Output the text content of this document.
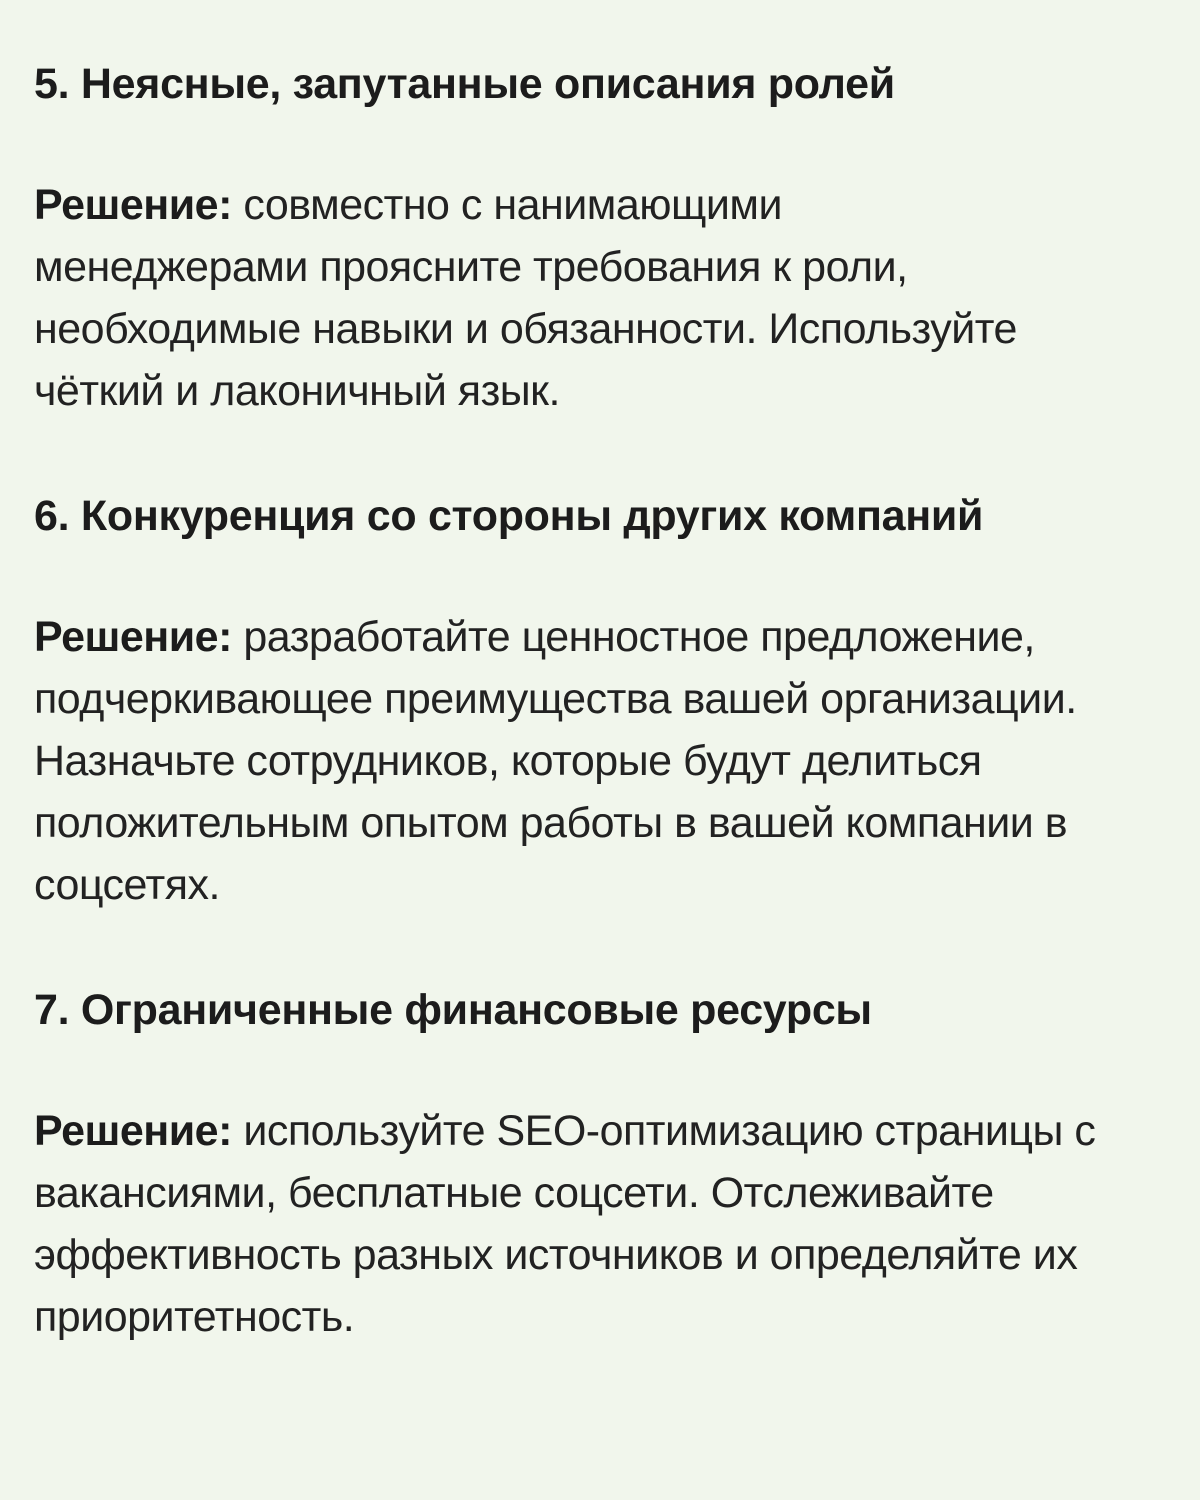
5. Неясные, запутанные описания ролей

Решение: совместно с нанимающими менеджерами проясните требования к роли, необходимые навыки и обязанности. Используйте чёткий и лаконичный язык.

6. Конкуренция со стороны других компаний

Решение: разработайте ценностное предложение, подчеркивающее преимущества вашей организации. Назначьте сотрудников, которые будут делиться положительным опытом работы в вашей компании в соцсетях.

7. Ограниченные финансовые ресурсы

Решение: используйте SEO-оптимизацию страницы с вакансиями, бесплатные соцсети. Отслеживайте эффективность разных источников и определяйте их приоритетность.
